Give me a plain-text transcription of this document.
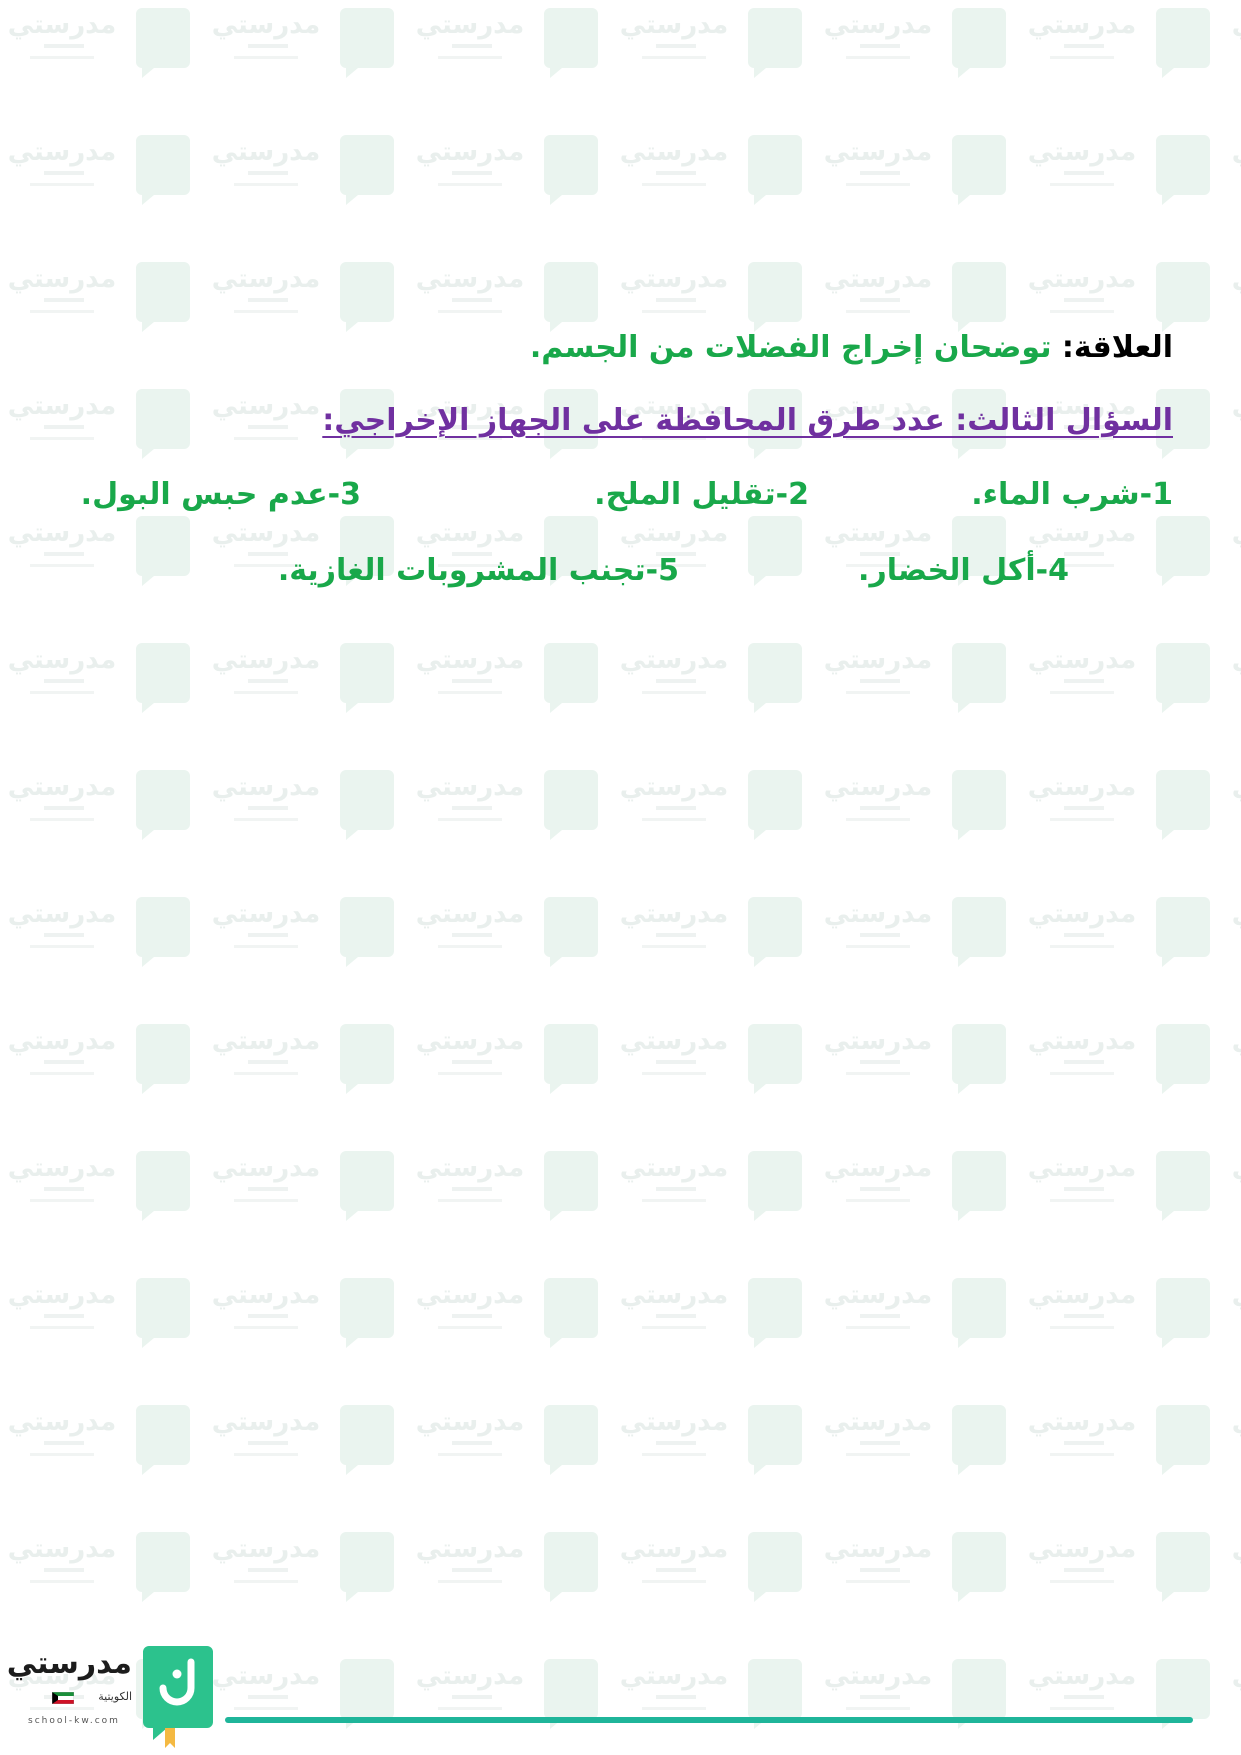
العلاقة: توضحان إخراج الفضلات من الجسم.
السؤال الثالث: عدد طرق المحافظة على الجهاز الإخراجي:
1-شرب الماء.
2-تقليل الملح.
3-عدم حبس البول.
4-أكل الخضار.
5-تجنب المشروبات الغازية.
مدرستي
الكويتية
school-kw.com
